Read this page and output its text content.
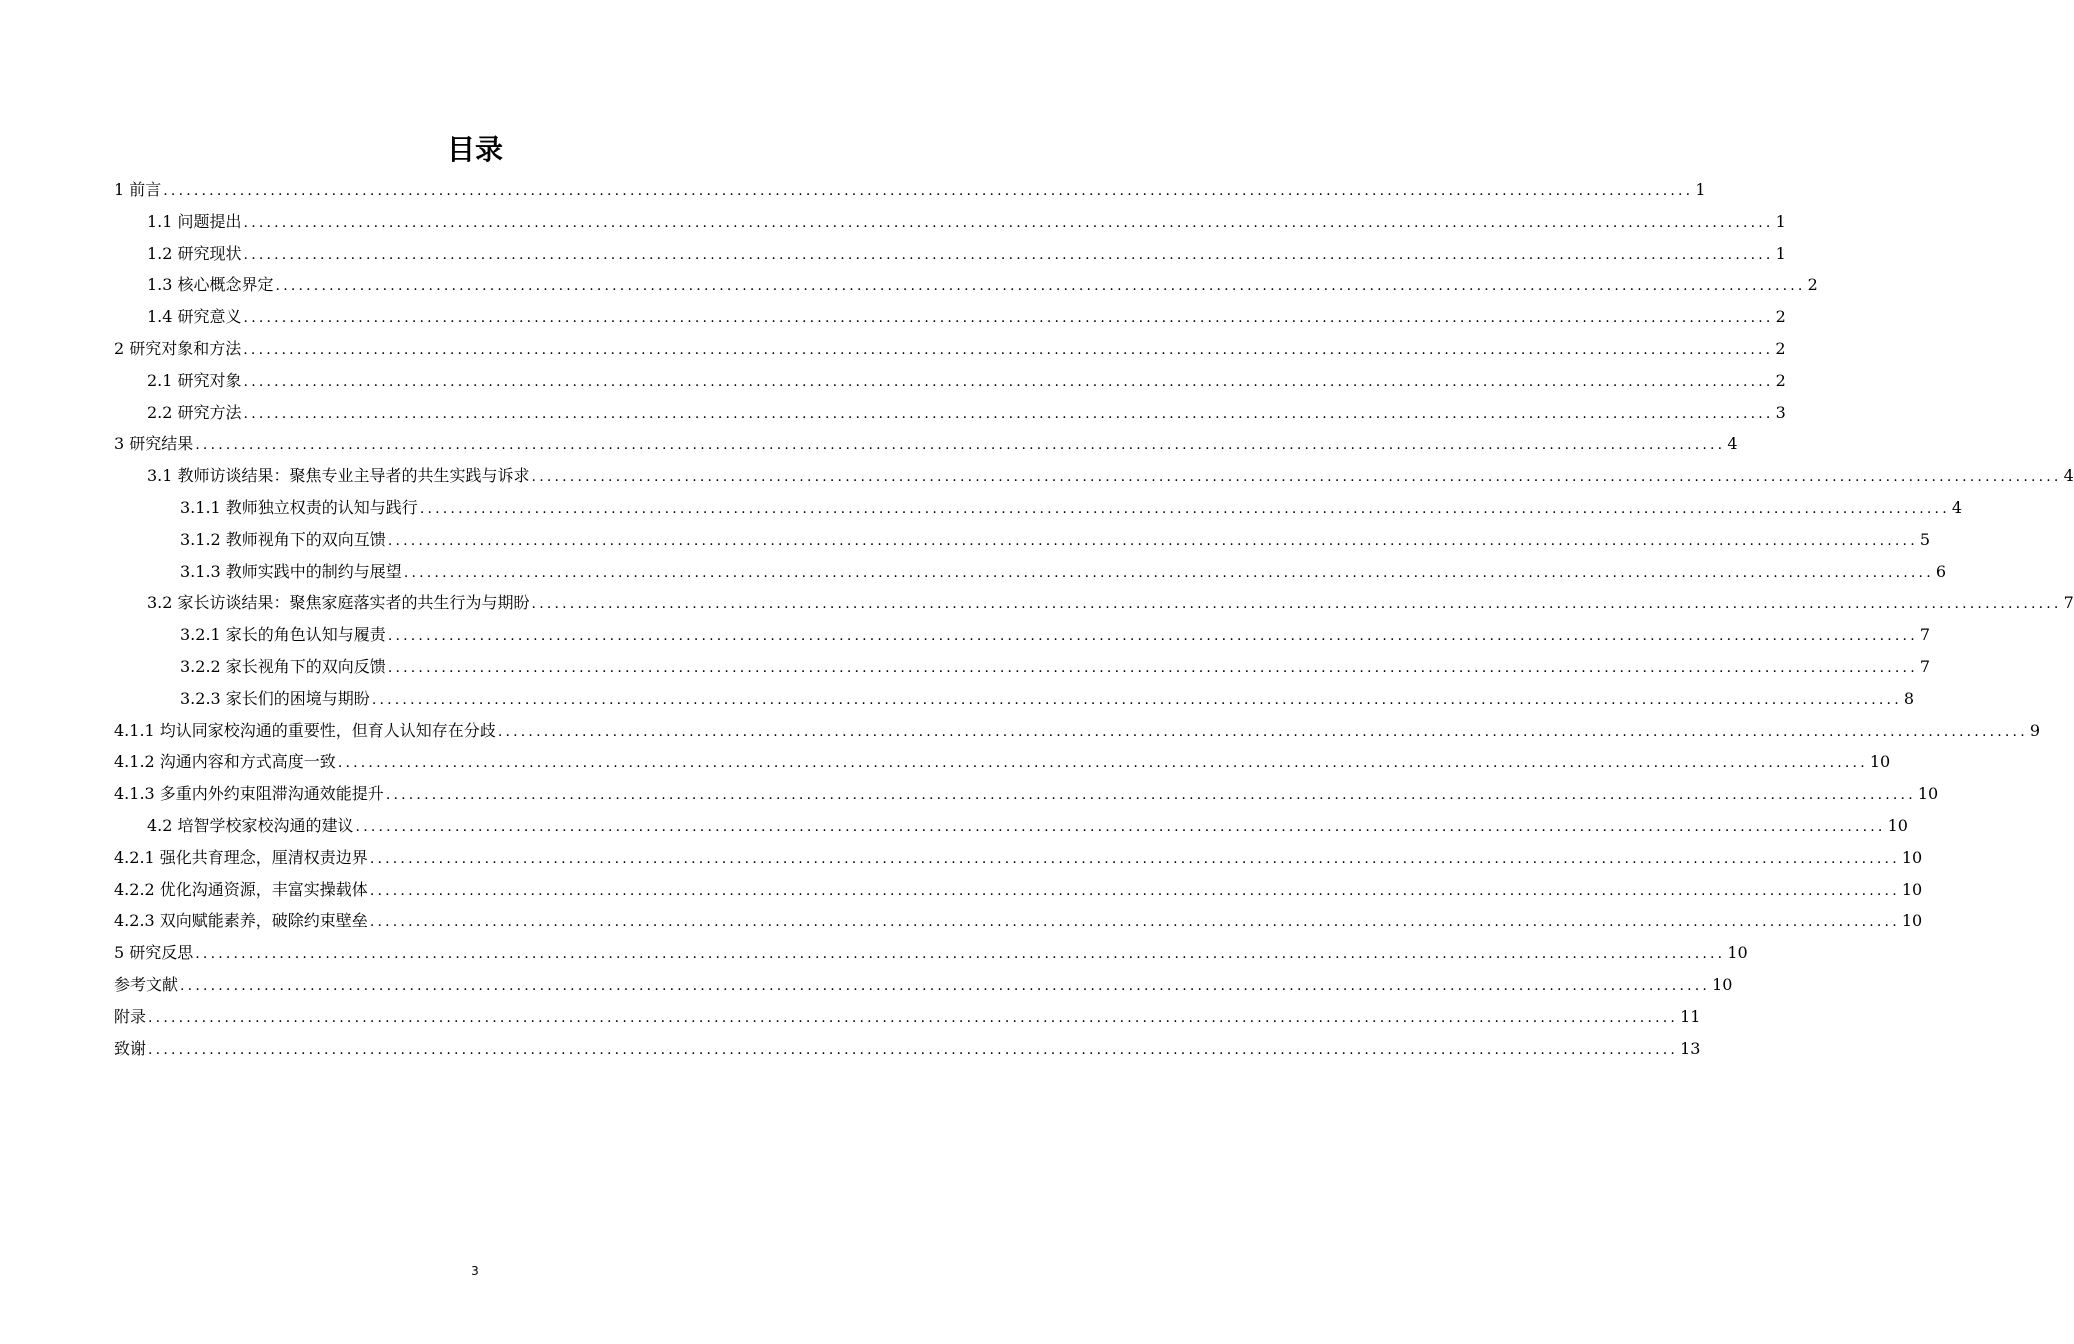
目录
1 前言 ........................................................................................................................................................................................................ 1
1.1 问题提出 ........................................................................................................................................................................................................ 1
1.2 研究现状 ........................................................................................................................................................................................................ 1
1.3 核心概念界定 ........................................................................................................................................................................................................ 2
1.4 研究意义 ........................................................................................................................................................................................................ 2
2 研究对象和方法 ........................................................................................................................................................................................................ 2
2.1 研究对象 ........................................................................................................................................................................................................ 2
2.2 研究方法 ........................................................................................................................................................................................................ 3
3 研究结果 ........................................................................................................................................................................................................ 4
3.1 教师访谈结果：聚焦专业主导者的共生实践与诉求 ........................................................................................................................................................................................................ 4
3.1.1 教师独立权责的认知与践行 ........................................................................................................................................................................................................ 4
3.1.2 教师视角下的双向互馈 ........................................................................................................................................................................................................ 5
3.1.3 教师实践中的制约与展望 ........................................................................................................................................................................................................ 6
3.2 家长访谈结果：聚焦家庭落实者的共生行为与期盼 ........................................................................................................................................................................................................ 7
3.2.1 家长的角色认知与履责 ........................................................................................................................................................................................................ 7
3.2.2 家长视角下的双向反馈 ........................................................................................................................................................................................................ 7
3.2.3 家长们的困境与期盼 ........................................................................................................................................................................................................ 8
4.1.1 均认同家校沟通的重要性，但育人认知存在分歧 ........................................................................................................................................................................................................ 9
4.1.2 沟通内容和方式高度一致 ........................................................................................................................................................................................................ 10
4.1.3 多重内外约束阻滞沟通效能提升 ........................................................................................................................................................................................................ 10
4.2 培智学校家校沟通的建议 ........................................................................................................................................................................................................ 10
4.2.1 强化共育理念，厘清权责边界 ........................................................................................................................................................................................................ 10
4.2.2 优化沟通资源，丰富实操载体 ........................................................................................................................................................................................................ 10
4.2.3 双向赋能素养，破除约束壁垒 ........................................................................................................................................................................................................ 10
5 研究反思 ........................................................................................................................................................................................................ 10
参考文献 ........................................................................................................................................................................................................ 10
附录 ........................................................................................................................................................................................................ 11
致谢 ........................................................................................................................................................................................................ 13
3
